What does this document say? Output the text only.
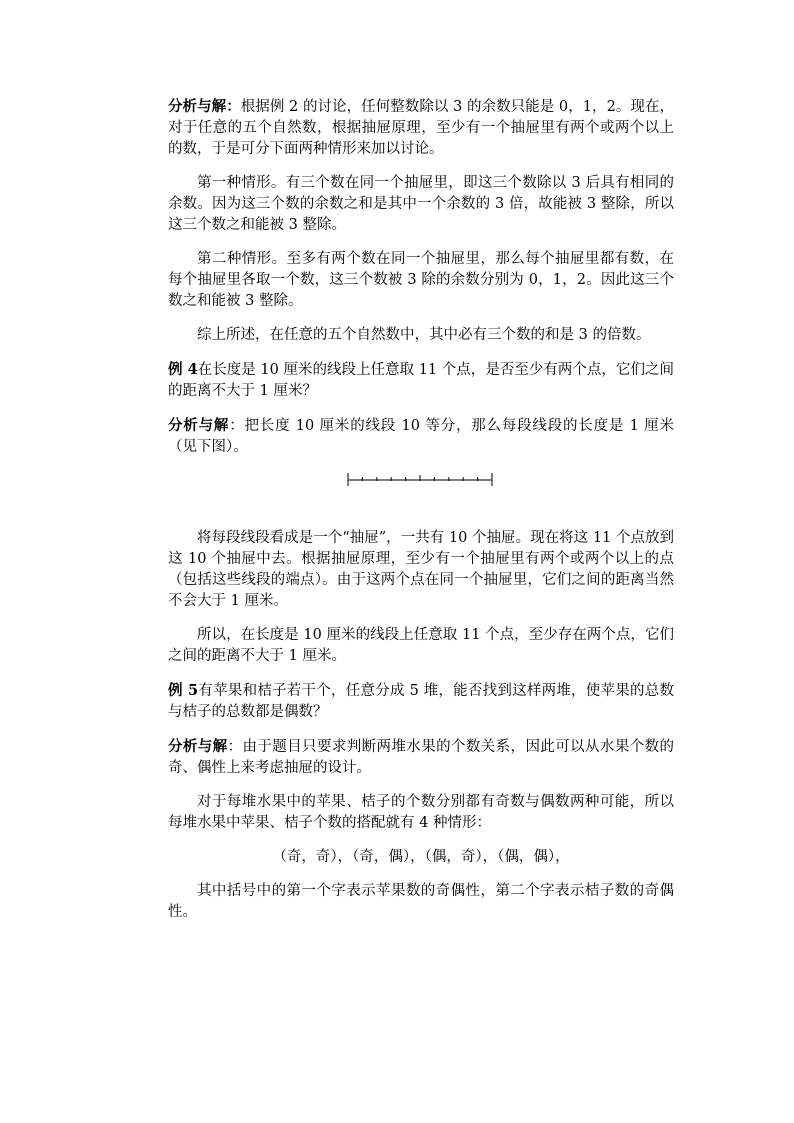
分析与解：根据例 2 的讨论，任何整数除以 3 的余数只能是 0，1，2。现在，对于任意的五个自然数，根据抽屉原理，至少有一个抽屉里有两个或两个以上的数，于是可分下面两种情形来加以讨论。

第一种情形。有三个数在同一个抽屉里，即这三个数除以 3 后具有相同的余数。因为这三个数的余数之和是其中一个余数的 3 倍，故能被 3 整除，所以这三个数之和能被 3 整除。

第二种情形。至多有两个数在同一个抽屉里，那么每个抽屉里都有数，在每个抽屉里各取一个数，这三个数被 3 除的余数分别为 0，1，2。因此这三个数之和能被 3 整除。

综上所述，在任意的五个自然数中，其中必有三个数的和是 3 的倍数。

例 4在长度是 10 厘米的线段上任意取 11 个点，是否至少有两个点，它们之间的距离不大于 1 厘米？

分析与解：把长度 10 厘米的线段 10 等分，那么每段线段的长度是 1 厘米（见下图）。

将每段线段看成是一个“抽屉”，一共有 10 个抽屉。现在将这 11 个点放到这 10 个抽屉中去。根据抽屉原理，至少有一个抽屉里有两个或两个以上的点（包括这些线段的端点）。由于这两个点在同一个抽屉里，它们之间的距离当然不会大于 1 厘米。

所以，在长度是 10 厘米的线段上任意取 11 个点，至少存在两个点，它们之间的距离不大于 1 厘米。

例 5有苹果和桔子若干个，任意分成 5 堆，能否找到这样两堆，使苹果的总数与桔子的总数都是偶数？

分析与解：由于题目只要求判断两堆水果的个数关系，因此可以从水果个数的奇、偶性上来考虑抽屉的设计。

对于每堆水果中的苹果、桔子的个数分别都有奇数与偶数两种可能，所以每堆水果中苹果、桔子个数的搭配就有 4 种情形：

（奇，奇），（奇，偶），（偶，奇），（偶，偶），

其中括号中的第一个字表示苹果数的奇偶性，第二个字表示桔子数的奇偶性。
